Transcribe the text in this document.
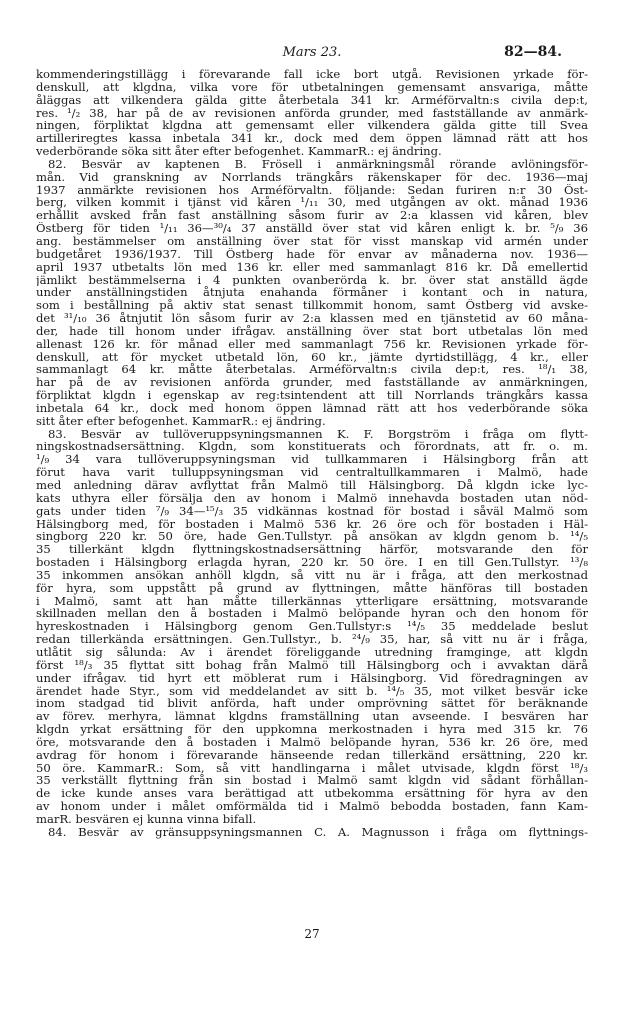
Mars 23.	82—84.
kommenderingstillägg i förevarande fall icke bort utgå. Revisionen yrkade för-
denskull, att klgdna, vilka vore för utbetalningen gemensamt ansvariga, måtte
åläggas att vilkendera gälda gitte återbetala 341 kr. Arméförvaltn:s civila dep:t,
res. ¹/₂ 38, har på de av revisionen anförda grunder, med fastställande av anmärk-
ningen, förpliktat klgdna att gemensamt eller vilkendera gälda gitte till Svea
artilleriregtes kassa inbetala 341 kr., dock med dem öppen lämnad rätt att hos
vederbörande söka sitt åter efter befogenhet. KammarR.: ej ändring.
82. Besvär av kaptenen B. Frösell i anmärkningsmål rörande avlöningsför-
mån. Vid granskning av Norrlands trängkårs räkenskaper för dec. 1936—maj
1937 anmärkte revisionen hos Arméförvaltn. följande: Sedan furiren n:r 30 Öst-
berg, vilken kommit i tjänst vid kåren ¹/₁₁ 30, med utgången av okt. månad 1936
erhållit avsked från fast anställning såsom furir av 2:a klassen vid kåren, blev
Östberg för tiden ¹/₁₁ 36—³⁰/₄ 37 anställd över stat vid kåren enligt k. br. ⁵/₉ 36
ang. bestämmelser om anställning över stat för visst manskap vid armén under
budgetåret 1936/1937. Till Östberg hade för envar av månaderna nov. 1936—
april 1937 utbetalts lön med 136 kr. eller med sammanlagt 816 kr. Då emellertid
jämlikt bestämmelserna i 4 punkten ovanberörda k. br. över stat anställd ägde
under anställningstiden åtnjuta enahanda förmåner i kontant och in natura,
som i bestållning på aktiv stat senast tillkommit honom, samt Östberg vid avske-
det ³¹/₁₀ 36 åtnjutit lön såsom furir av 2:a klassen med en tjänstetid av 60 måna-
der, hade till honom under ifrågav. anställning över stat bort utbetalas lön med
allenast 126 kr. för månad eller med sammanlagt 756 kr. Revisionen yrkade för-
denskull, att för mycket utbetald lön, 60 kr., jämte dyrtidstillägg, 4 kr., eller
sammanlagt 64 kr. måtte återbetalas. Arméförvaltn:s civila dep:t, res. ¹⁸/₁ 38,
har på de av revisionen anförda grunder, med fastställande av anmärkningen,
förpliktat klgdn i egenskap av reg:tsintendent att till Norrlands trängkårs kassa
inbetala 64 kr., dock med honom öppen lämnad rätt att hos vederbörande söka
sitt åter efter befogenhet. KammarR.: ej ändring.
83. Besvär av tullöveruppsyningsmannen K. F. Borgström i fråga om flytt-
ningskostnadsersättning. Klgdn, som konstituerats och förordnats, att fr. o. m.
¹/₉ 34 vara tullöveruppsyningsman vid tullkammaren i Hälsingborg från att
förut hava varit tulluppsyningsman vid centraltullkammaren i Malmö, hade
med anledning därav avflyttat från Malmö till Hälsingborg. Då klgdn icke lyc-
kats uthyra eller försälja den av honom i Malmö innehavda bostaden utan nöd-
gats under tiden ⁷/₉ 34—¹⁵/₃ 35 vidkännas kostnad för bostad i såväl Malmö som
Hälsingborg med, för bostaden i Malmö 536 kr. 26 öre och för bostaden i Häl-
singborg 220 kr. 50 öre, hade Gen.Tullstyr. på ansökan av klgdn genom b. ¹⁴/₅
35 tillerkänt klgdn flyttningskostnadsersättning härför, motsvarande den för
bostaden i Hälsingborg erlagda hyran, 220 kr. 50 öre. I en till Gen.Tullstyr. ¹³/₈
35 inkommen ansökan anhöll klgdn, så vitt nu är i fråga, att den merkostnad
för hyra, som uppstått på grund av flyttningen, måtte hänföras till bostaden
i Malmö, samt att han måtte tillerkännas ytterligare ersättning, motsvarande
skillnaden mellan den å bostaden i Malmö belöpande hyran och den honom för
hyreskostnaden i Hälsingborg genom Gen.Tullstyr:s ¹⁴/₅ 35 meddelade beslut
redan tillerkända ersättningen. Gen.Tullstyr., b. ²⁴/₉ 35, har, så vitt nu är i fråga,
utlåtit sig sålunda: Av i ärendet föreliggande utredning framginge, att klgdn
först ¹⁸/₃ 35 flyttat sitt bohag från Malmö till Hälsingborg och i avvaktan därå
under ifrågav. tid hyrt ett möblerat rum i Hälsingborg. Vid föredragningen av
ärendet hade Styr., som vid meddelandet av sitt b. ¹⁴/₅ 35, mot vilket besvär icke
inom stadgad tid blivit anförda, haft under omprövning sättet för beräknande
av förev. merhyra, lämnat klgdns framställning utan avseende. I besvären har
klgdn yrkat ersättning för den uppkomna merkostnaden i hyra med 315 kr. 76
öre, motsvarande den å bostaden i Malmö belöpande hyran, 536 kr. 26 öre, med
avdrag för honom i förevarande hänseende redan tillerkänd ersättning, 220 kr.
50 öre. KammarR.: Som, så vitt handlingarna i målet utvisade, klgdn först ¹⁸/₃
35 verkställt flyttning från sin bostad i Malmö samt klgdn vid sådant förhållan-
de icke kunde anses vara berättigad att utbekomma ersättning för hyra av den
av honom under i målet omförmälda tid i Malmö bebodda bostaden, fann Kam-
marR. besvären ej kunna vinna bifall.
84. Besvär av gränsuppsyningsmannen C. A. Magnusson i fråga om flyttnings-
27
